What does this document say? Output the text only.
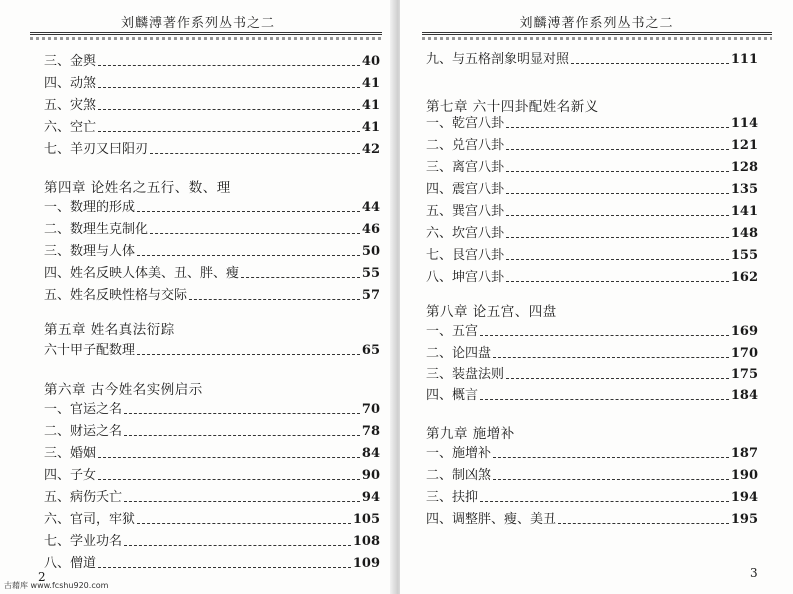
刘麟溥著作系列丛书之二
三、金舆	40
四、动煞	41
五、灾煞	41
六、空亡	41
七、羊刃又曰阳刃	42
第四章 论姓名之五行、数、理
一、数理的形成	44
二、数理生克制化	46
三、数理与人体	50
四、姓名反映人体美、丑、胖、瘦	55
五、姓名反映性格与交际	57
第五章 姓名真法衍踪
六十甲子配数理	65
第六章 古今姓名实例启示
一、官运之名	70
二、财运之名	78
三、婚姻	84
四、子女	90
五、病伤夭亡	94
六、官司，牢狱	105
七、学业功名	108
八、僧道	109
2
古藉库 www.fcshu920.com
刘麟溥著作系列丛书之二
九、与五格剖象明显对照	111
第七章 六十四卦配姓名新义
一、乾宫八卦	114
二、兑宫八卦	121
三、离宫八卦	128
四、震宫八卦	135
五、巽宫八卦	141
六、坎宫八卦	148
七、艮宫八卦	155
八、坤宫八卦	162
第八章 论五宫、四盘
一、五宫	169
二、论四盘	170
三、装盘法则	175
四、概言	184
第九章 施增补
一、施增补	187
二、制凶煞	190
三、扶抑	194
四、调整胖、瘦、美丑	195
3
